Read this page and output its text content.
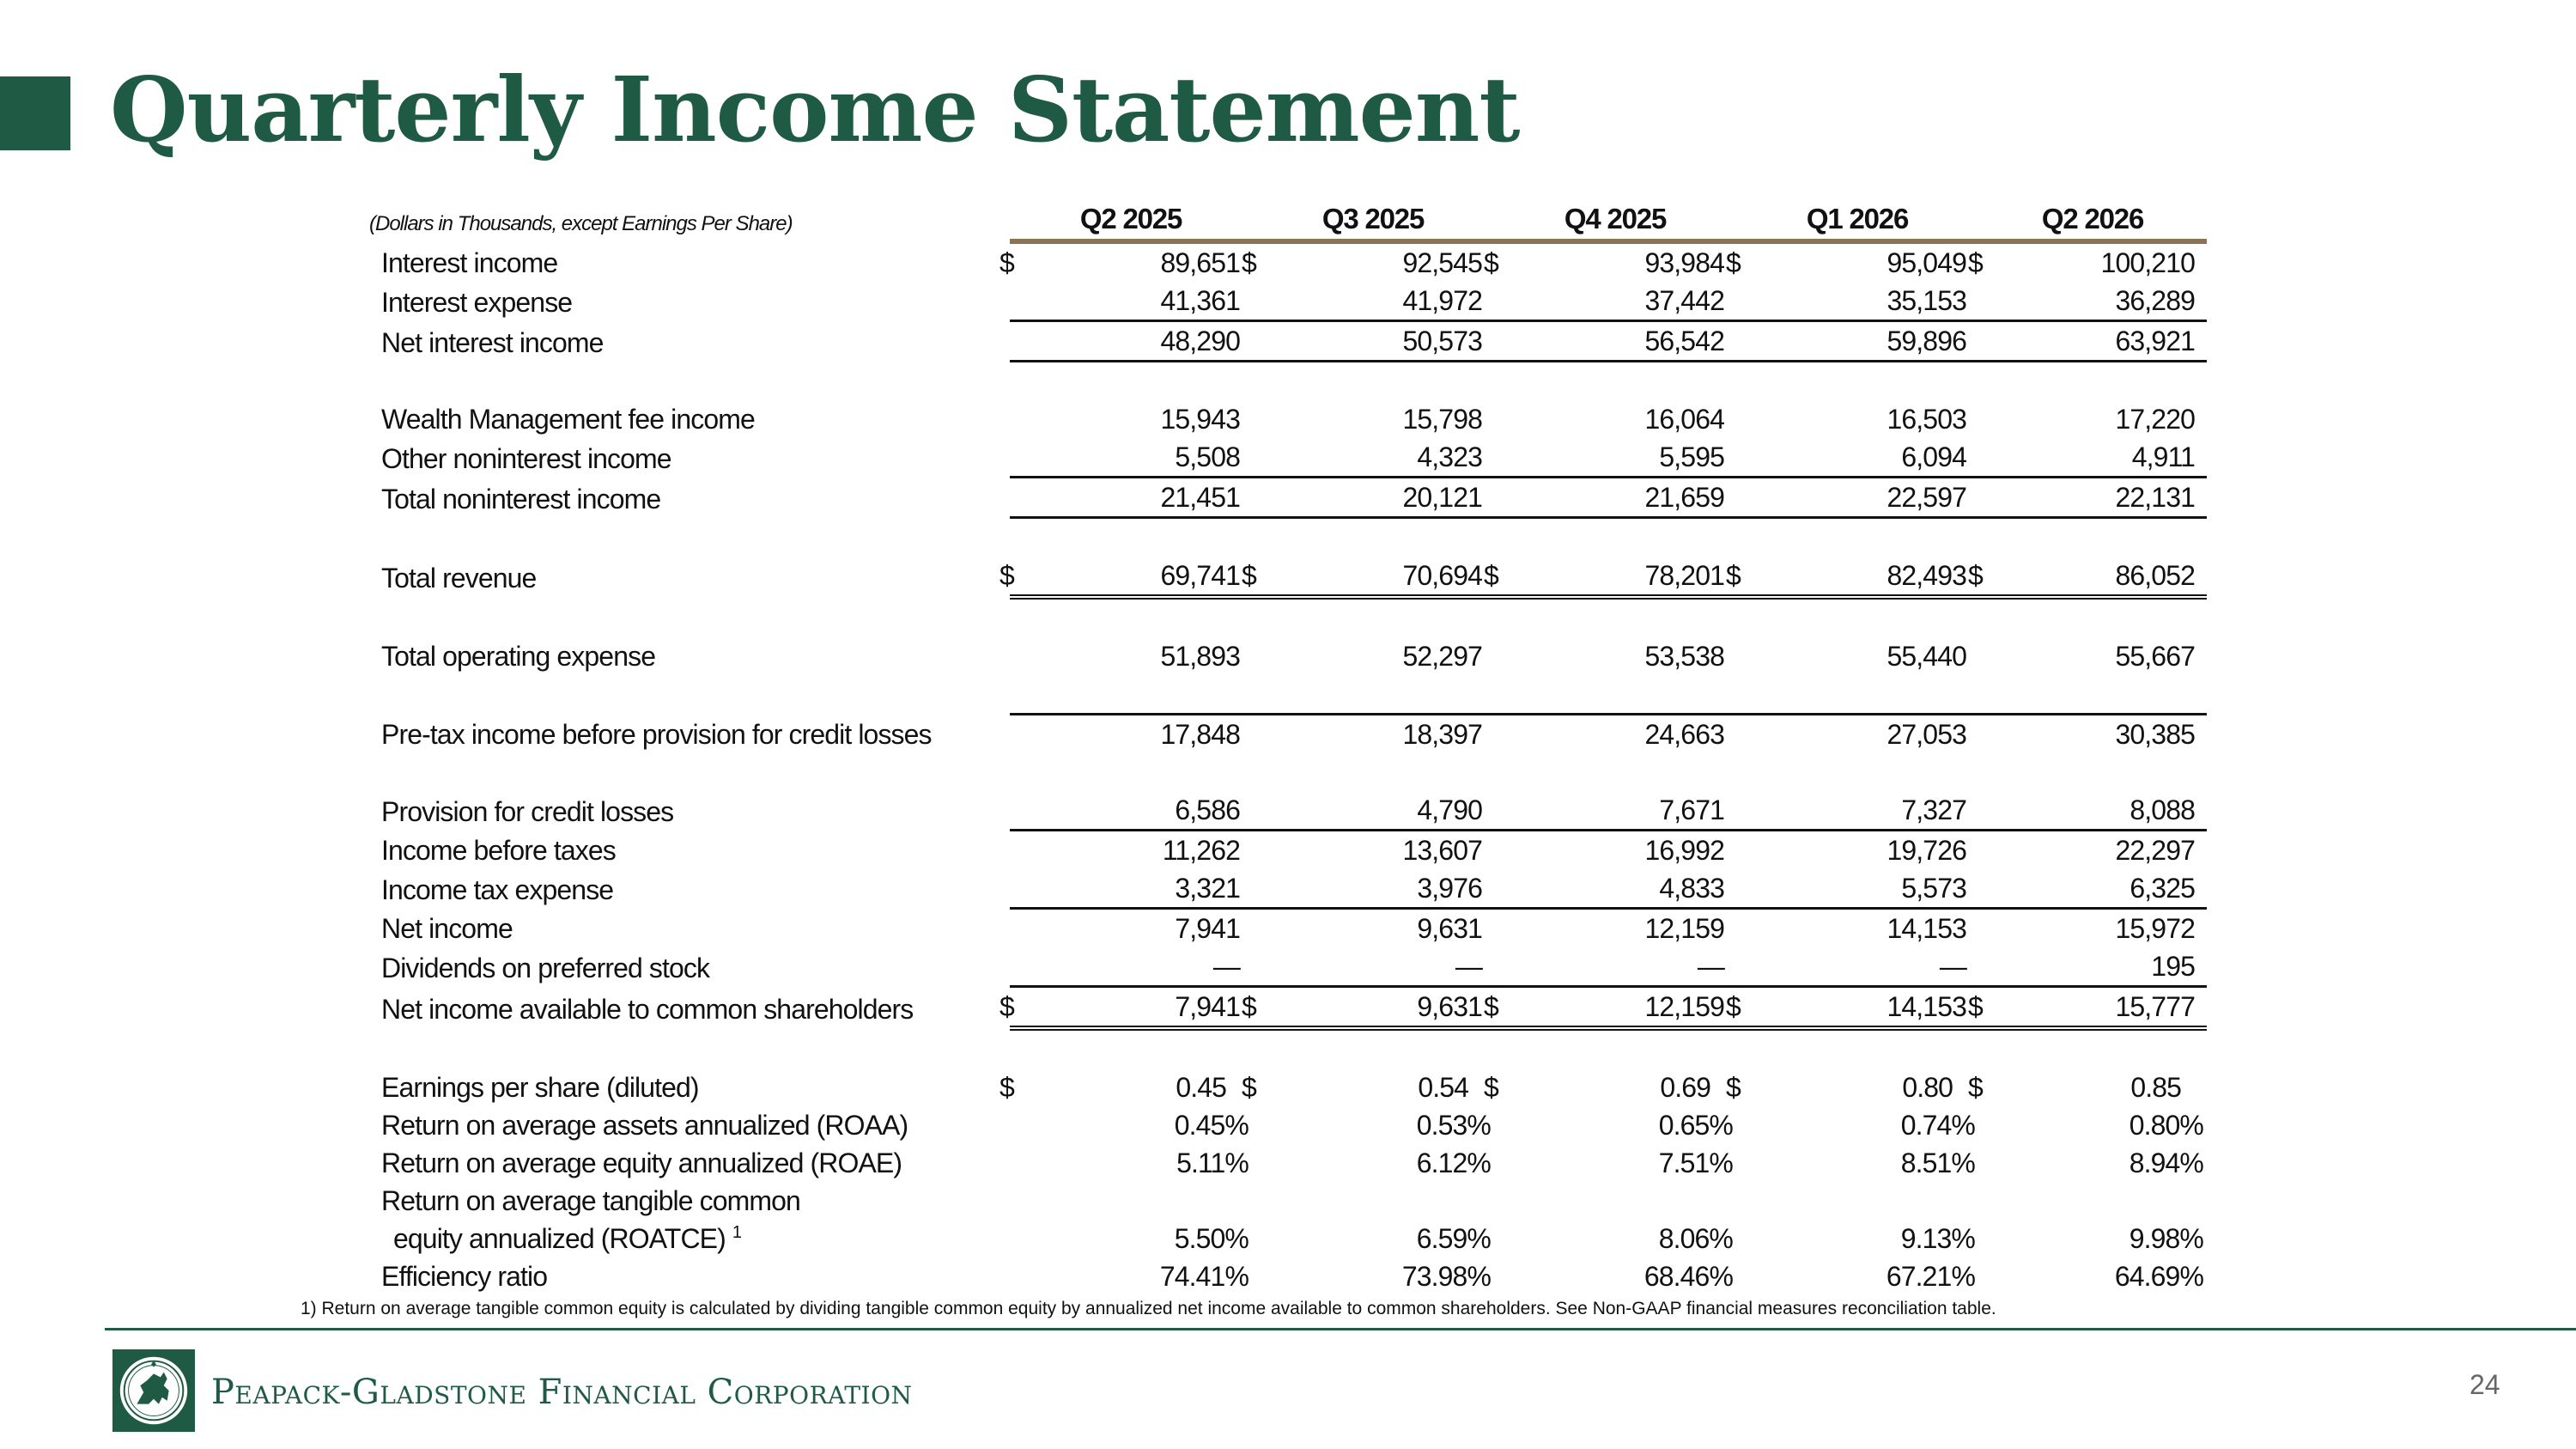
Quarterly Income Statement
(Dollars in Thousands, except Earnings Per Share)	Q2 2025	Q3 2025	Q4 2025	Q1 2026	Q2 2026
Interest income	$ 89,651	$ 92,545	$ 93,984	$ 95,049	$ 100,210
Interest expense	41,361	41,972	37,442	35,153	36,289
Net interest income	48,290	50,573	56,542	59,896	63,921

Wealth Management fee income	15,943	15,798	16,064	16,503	17,220
Other noninterest income	5,508	4,323	5,595	6,094	4,911
Total noninterest income	21,451	20,121	21,659	22,597	22,131

Total revenue	$ 69,741	$ 70,694	$ 78,201	$ 82,493	$ 86,052

Total operating expense	51,893	52,297	53,538	55,440	55,667

Pre-tax income before provision for credit losses	17,848	18,397	24,663	27,053	30,385

Provision for credit losses	6,586	4,790	7,671	7,327	8,088
Income before taxes	11,262	13,607	16,992	19,726	22,297
Income tax expense	3,321	3,976	4,833	5,573	6,325
Net income	7,941	9,631	12,159	14,153	15,972
Dividends on preferred stock	—	—	—	—	195
Net income available to common shareholders	$ 7,941	$ 9,631	$ 12,159	$ 14,153	$ 15,777

Earnings per share (diluted)	$ 0.45	$ 0.54	$ 0.69	$ 0.80	$ 0.85
Return on average assets annualized (ROAA)	0.45%	0.53%	0.65%	0.74%	0.80%
Return on average equity annualized (ROAE)	5.11%	6.12%	7.51%	8.51%	8.94%
Return on average tangible common
equity annualized (ROATCE) $^1$	5.50%	6.59%	8.06%	9.13%	9.98%
Efficiency ratio	74.41%	73.98%	68.46%	67.21%	64.69%
1) Return on average tangible common equity is calculated by dividing tangible common equity by annualized net income available to common shareholders. See Non-GAAP financial measures reconciliation table.

Peapack-Gladstone Financial Corporation	24
